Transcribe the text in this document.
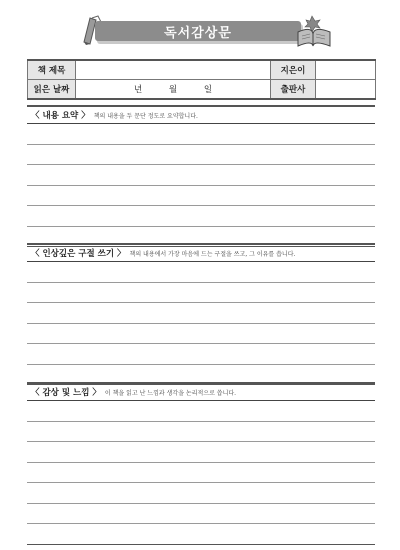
독서감상문
책 제목		지은이	
읽은 날짜	년 월 일	출판사	
〈 내용 요약 〉 책의 내용을 두 문단 정도로 요약합니다.
〈 인상깊은 구절 쓰기 〉 책의 내용에서 가장 마음에 드는 구절을 쓰고, 그 이유를 씁니다.
〈 감상 및 느낌 〉 이 책을 읽고 난 느낌과 생각을 논리적으로 씁니다.
